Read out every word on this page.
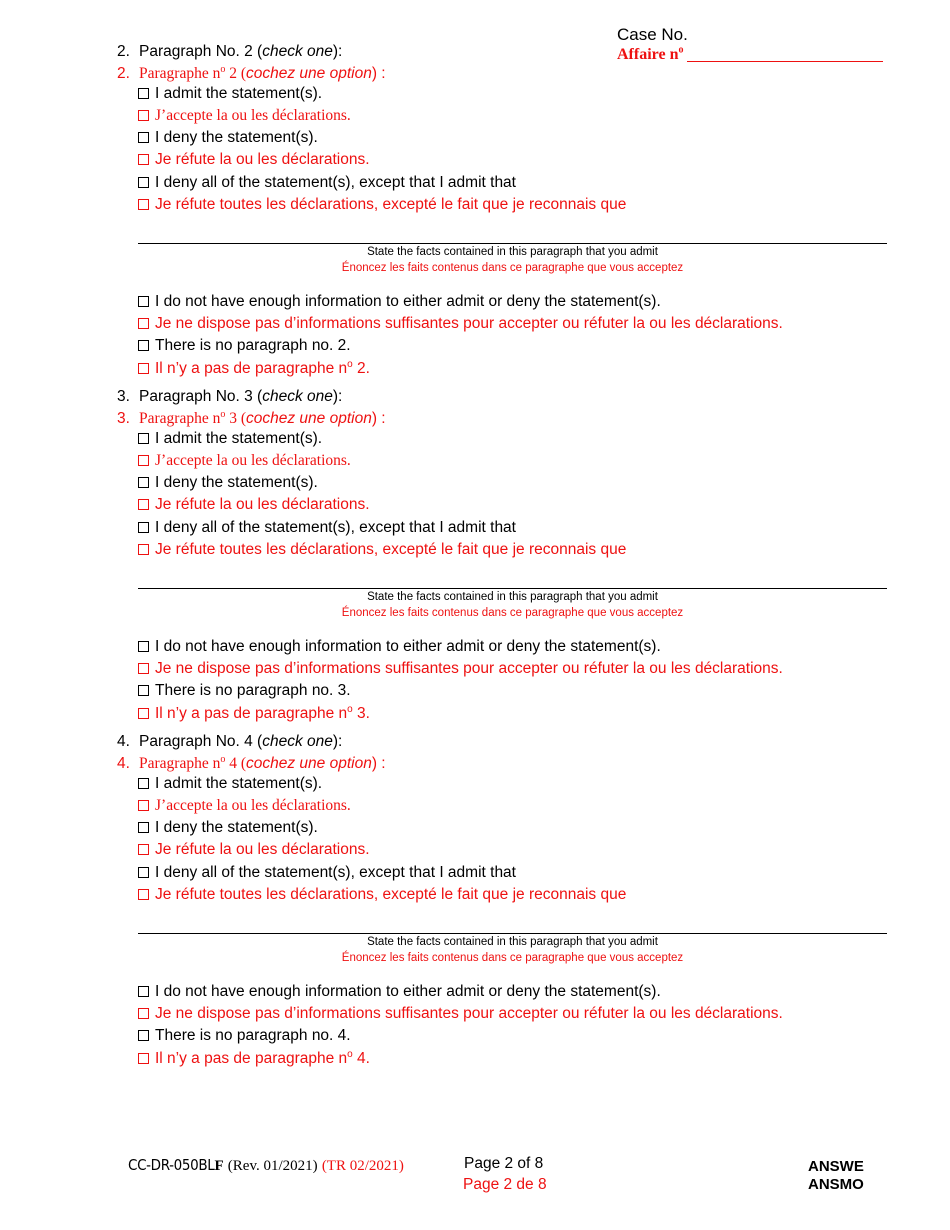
Case No.
Affaire $n^o$
2. Paragraph No. 2 (check one):
2. Paragraphe $n^o$ 2 (cochez une option) :
I admit the statement(s).
J’accepte la ou les déclarations.
I deny the statement(s).
Je réfute la ou les déclarations.
I deny all of the statement(s), except that I admit that
Je réfute toutes les déclarations, excepté le fait que je reconnais que
State the facts contained in this paragraph that you admit
Énoncez les faits contenus dans ce paragraphe que vous acceptez
I do not have enough information to either admit or deny the statement(s).
Je ne dispose pas d’informations suffisantes pour accepter ou réfuter la ou les déclarations.
There is no paragraph no. 2.
Il n’y a pas de paragraphe $n^o$ 2.
3. Paragraph No. 3 (check one):
3. Paragraphe $n^o$ 3 (cochez une option) :
I admit the statement(s).
J’accepte la ou les déclarations.
I deny the statement(s).
Je réfute la ou les déclarations.
I deny all of the statement(s), except that I admit that
Je réfute toutes les déclarations, excepté le fait que je reconnais que
State the facts contained in this paragraph that you admit
Énoncez les faits contenus dans ce paragraphe que vous acceptez
I do not have enough information to either admit or deny the statement(s).
Je ne dispose pas d’informations suffisantes pour accepter ou réfuter la ou les déclarations.
There is no paragraph no. 3.
Il n’y a pas de paragraphe $n^o$ 3.
4. Paragraph No. 4 (check one):
4. Paragraphe $n^o$ 4 (cochez une option) :
I admit the statement(s).
J’accepte la ou les déclarations.
I deny the statement(s).
Je réfute la ou les déclarations.
I deny all of the statement(s), except that I admit that
Je réfute toutes les déclarations, excepté le fait que je reconnais que
State the facts contained in this paragraph that you admit
Énoncez les faits contenus dans ce paragraphe que vous acceptez
I do not have enough information to either admit or deny the statement(s).
Je ne dispose pas d’informations suffisantes pour accepter ou réfuter la ou les déclarations.
There is no paragraph no. 4.
Il n’y a pas de paragraphe $n^o$ 4.
CC-DR-050BLF (Rev. 01/2021) (TR 02/2021)	Page 2 of 8
Page 2 de 8
ANSWE
ANSMO
